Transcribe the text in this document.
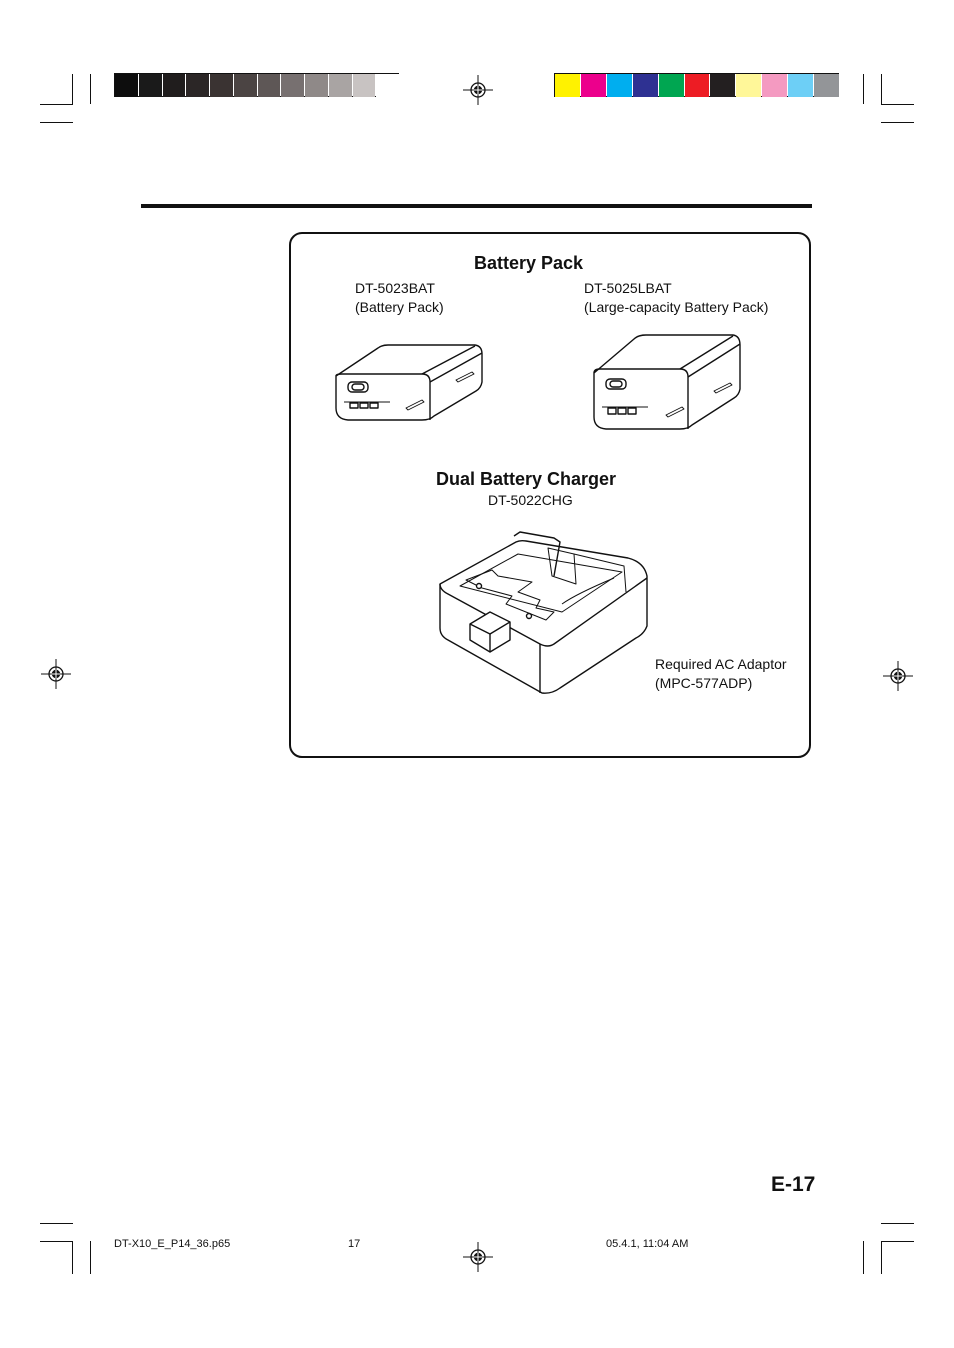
Battery Pack
DT-5023BAT
(Battery Pack)
DT-5025LBAT
(Large-capacity Battery Pack)
Dual Battery Charger
DT-5022CHG
Required AC Adaptor
(MPC-577ADP)
E-17
DT-X10_E_P14_36.p65	17	05.4.1, 11:04 AM
